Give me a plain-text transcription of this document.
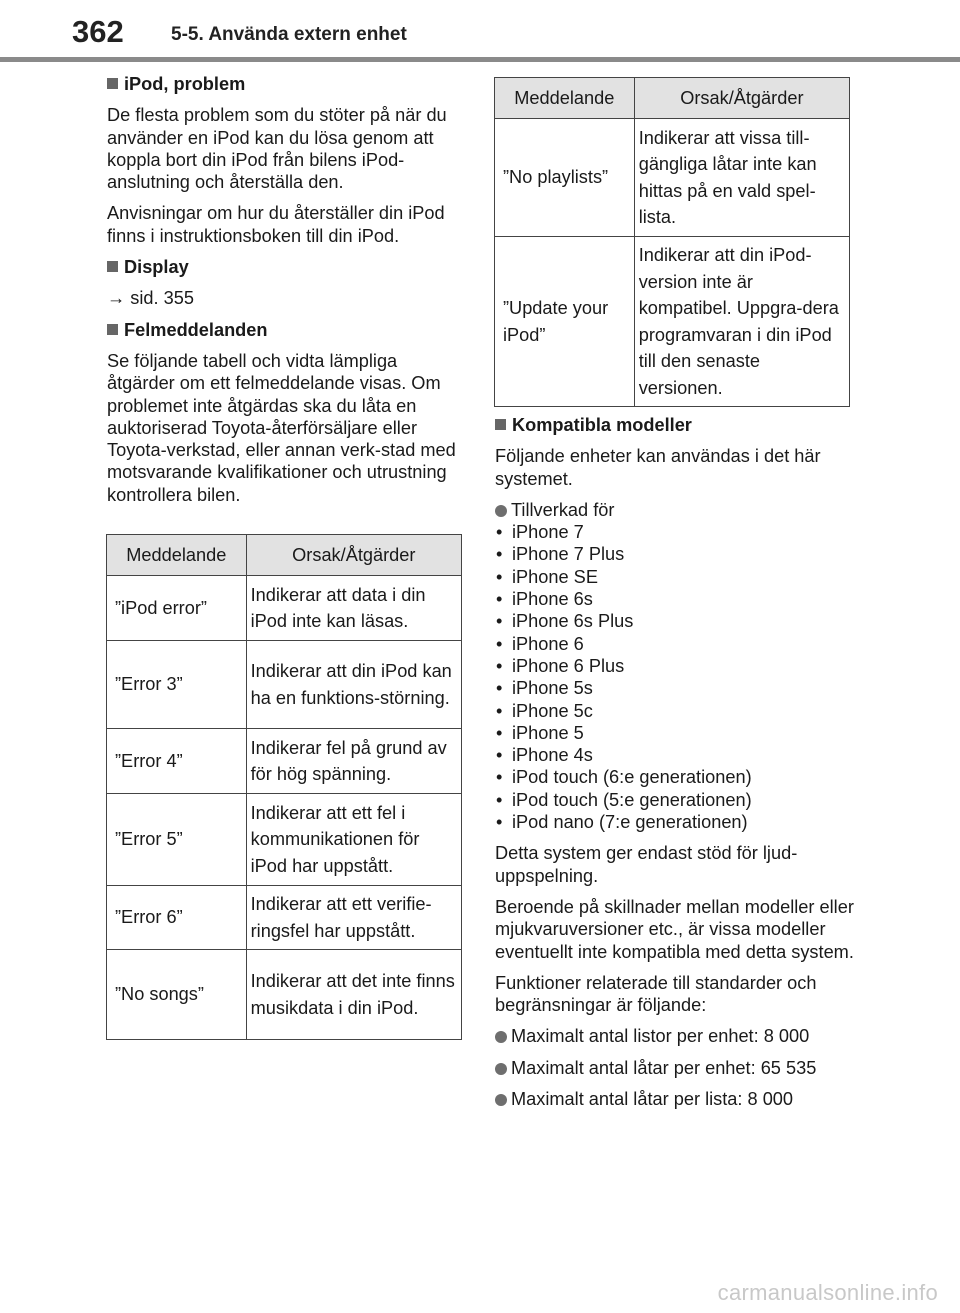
362	5-5. Använda extern enhet
iPod, problem

De flesta problem som du stöter på när du använder en iPod kan du lösa genom att koppla bort din iPod från bilens iPod-anslutning och återställa den.

Anvisningar om hur du återställer din iPod finns i instruktionsboken till din iPod.

Display

→ sid. 355

Felmeddelanden

Se följande tabell och vidta lämpliga åtgärder om ett felmeddelande visas. Om problemet inte åtgärdas ska du låta en auktoriserad Toyota-återförsäljare eller Toyota-verkstad, eller annan verk-stad med motsvarande kvalifikationer och utrustning kontrollera bilen.

Meddelande	Orsak/Åtgärder
”iPod error”	Indikerar att data i din iPod inte kan läsas.
”Error 3”	Indikerar att din iPod kan ha en funktions-störning.
”Error 4”	Indikerar fel på grund av för hög spänning.
”Error 5”	Indikerar att ett fel i kommunikationen för iPod har uppstått.
”Error 6”	Indikerar att ett verifie-ringsfel har uppstått.
”No songs”	Indikerar att det inte finns musikdata i din iPod.
Meddelande	Orsak/Åtgärder
”No playlists”	Indikerar att vissa till-gängliga låtar inte kan hittas på en vald spel-lista.
”Update your iPod”	Indikerar att din iPod-version inte är kompatibel. Uppgra-dera programvaran i din iPod till den senaste versionen.
Kompatibla modeller

Följande enheter kan användas i det här systemet.

Tillverkad för
• iPhone 7
• iPhone 7 Plus
• iPhone SE
• iPhone 6s
• iPhone 6s Plus
• iPhone 6
• iPhone 6 Plus
• iPhone 5s
• iPhone 5c
• iPhone 5
• iPhone 4s
• iPod touch (6:e generationen)
• iPod touch (5:e generationen)
• iPod nano (7:e generationen)

Detta system ger endast stöd för ljud-uppspelning.

Beroende på skillnader mellan modeller eller mjukvaruversioner etc., är vissa modeller eventuellt inte kompatibla med detta system.

Funktioner relaterade till standarder och begränsningar är följande:

Maximalt antal listor per enhet: 8 000
Maximalt antal låtar per enhet: 65 535
Maximalt antal låtar per lista: 8 000
carmanualsonline.info
